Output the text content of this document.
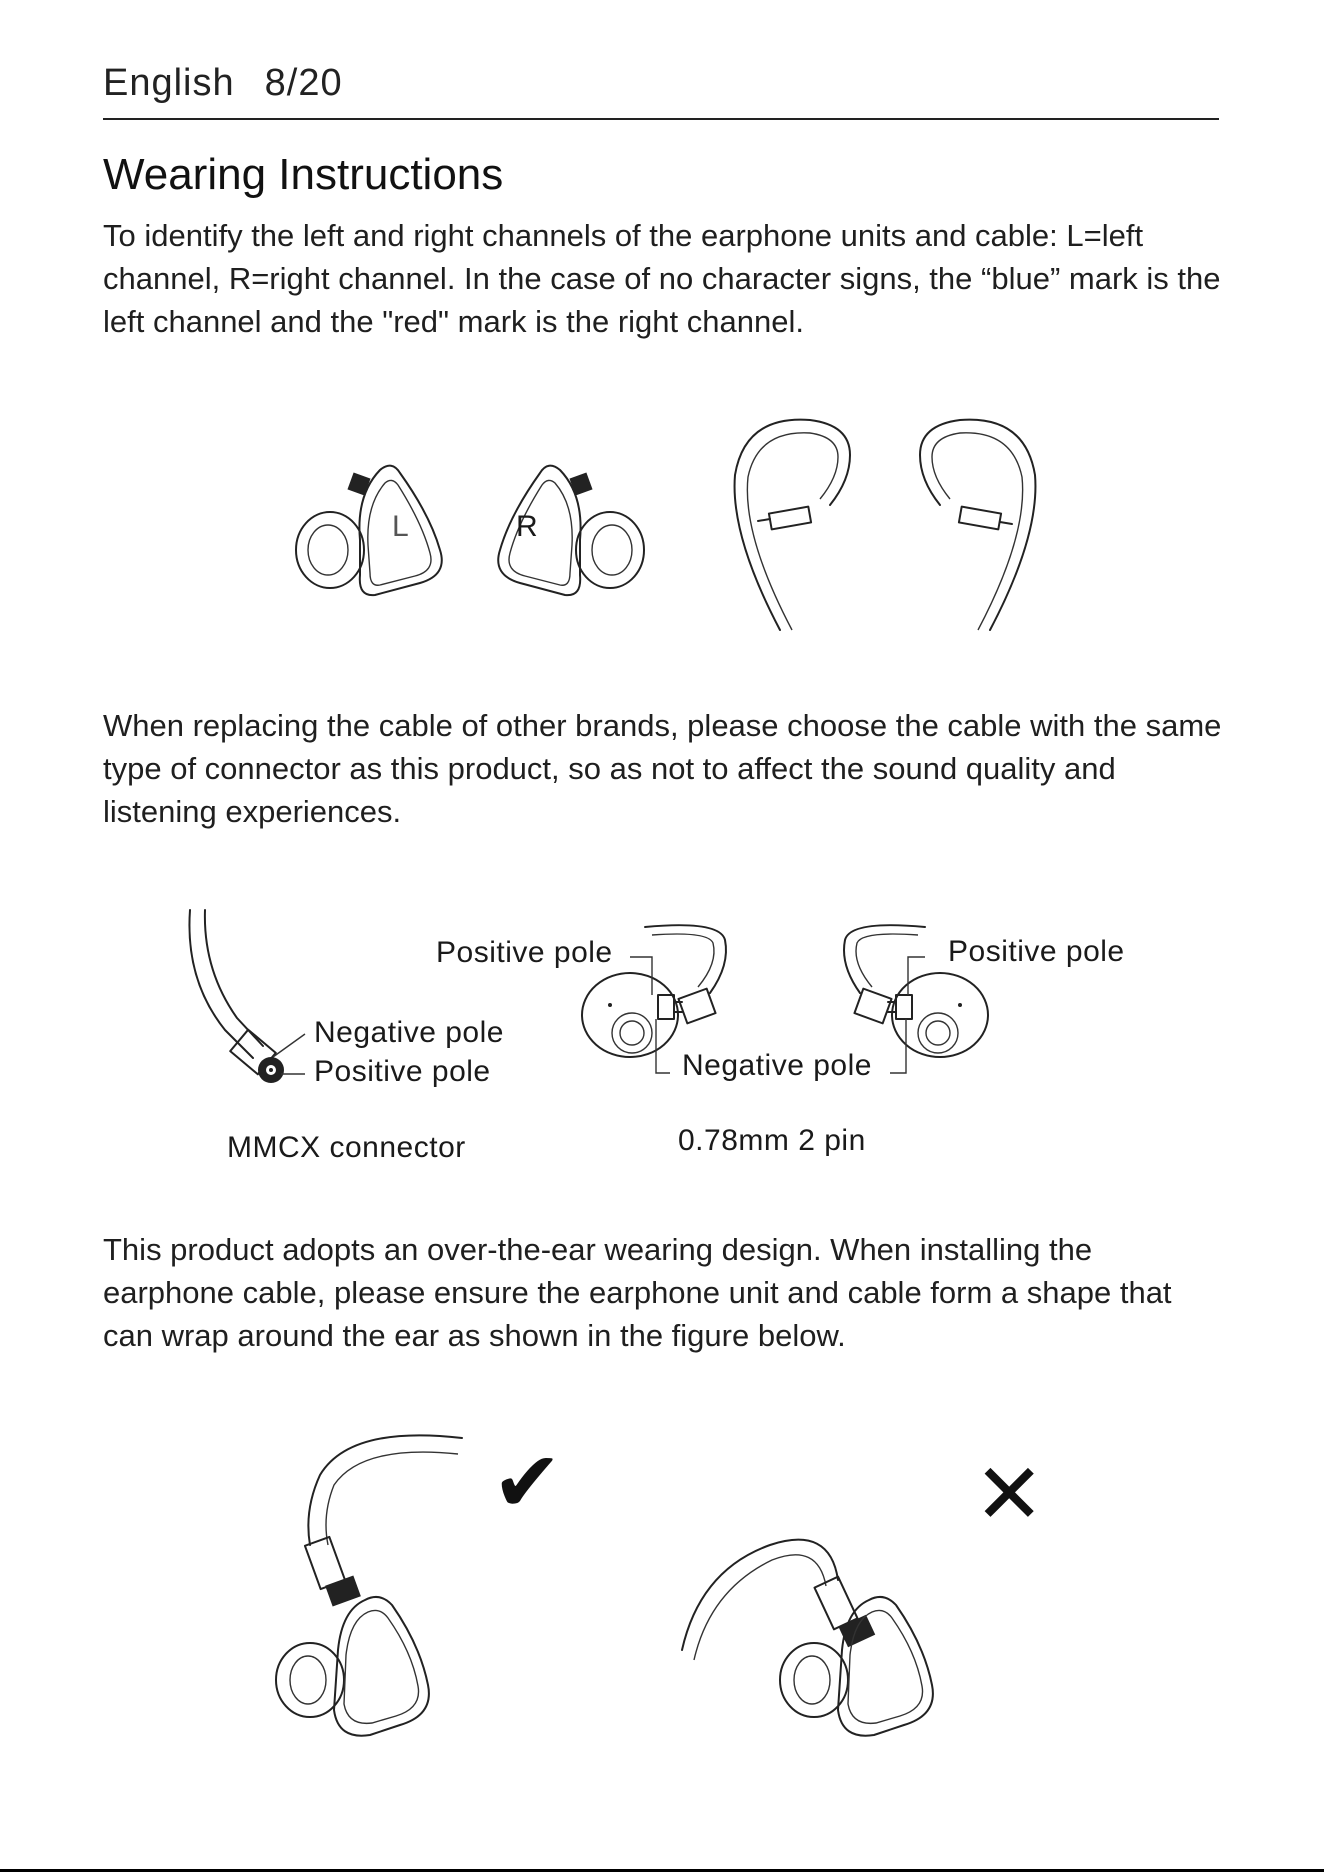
English 8/20
Wearing Instructions

To identify the left and right channels of the earphone units and cable: L=left channel, R=right channel. In the case of no character signs, the “blue” mark is the left channel and the "red" mark is the right channel.

L	R

When replacing the cable of other brands, please choose the cable with the same type of connector as this product, so as not to affect the sound quality and listening experiences.

Negative pole
Positive pole
MMCX connector
Positive pole	Positive pole
Negative pole
0.78mm 2 pin

This product adopts an over-the-ear wearing design. When installing the earphone cable, please ensure the earphone unit and cable form a shape that can wrap around the ear as shown in the figure below.

✔	✕
